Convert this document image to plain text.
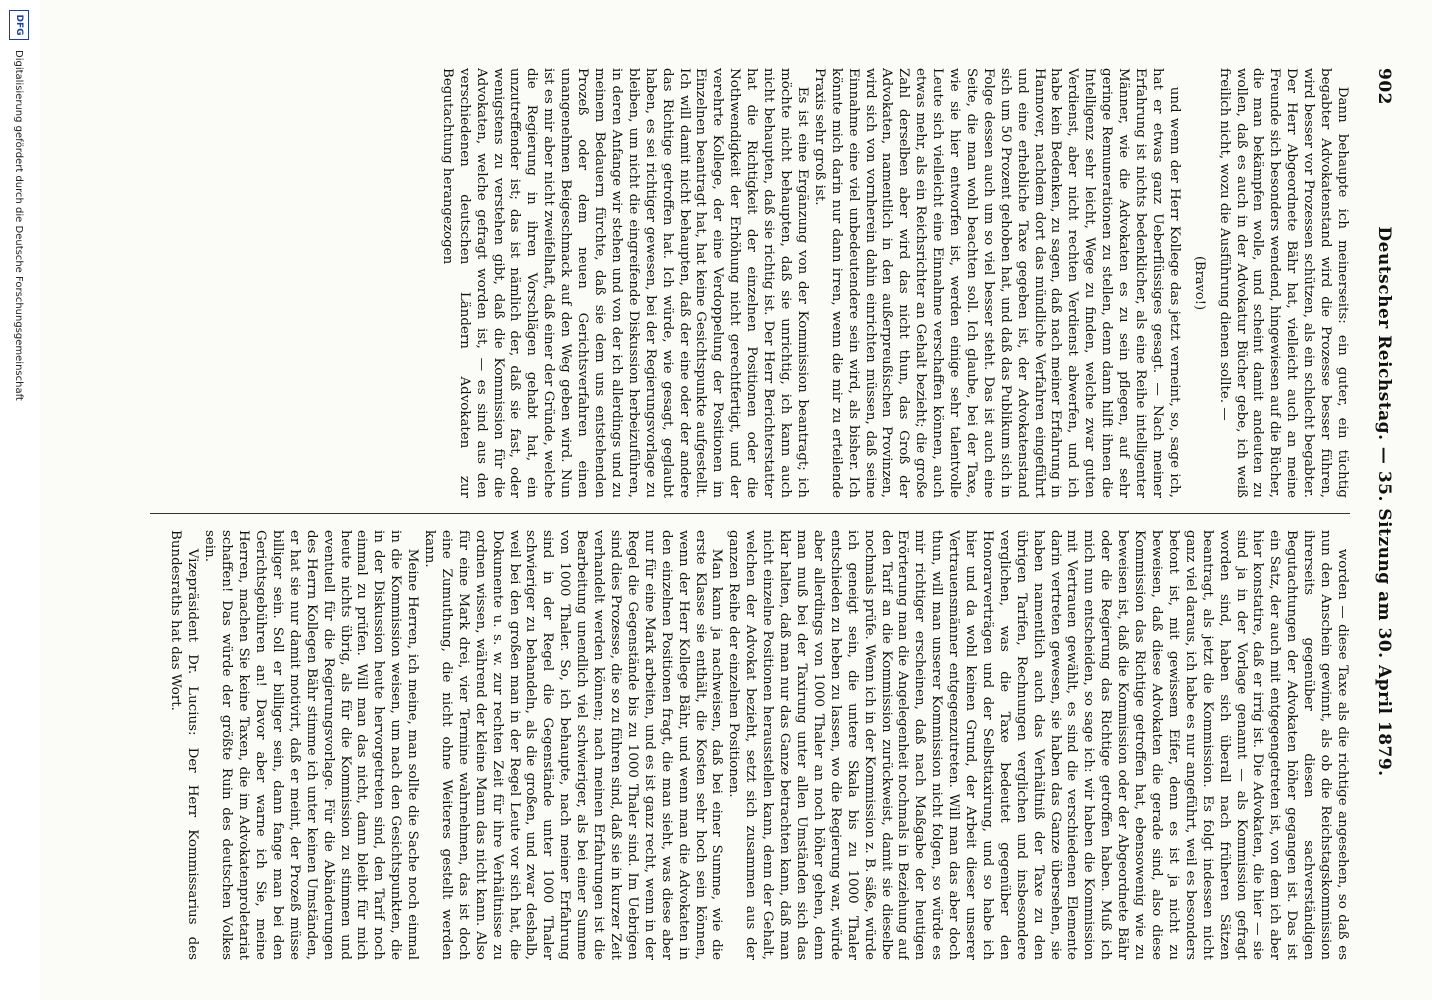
902
Deutscher Reichstag. — 35. Sitzung am 30. April 1879.

Dann behaupte ich meinerseits: ein guter, ein tüchtig begabter Advokatenstand wird die Prozesse besser führen, wird besser vor Prozessen schützen, als ein schlecht begabter. Der Herr Abgeordnete Bähr hat, vielleicht auch an meine Freunde sich besonders wendend, hingewiesen auf die Bücher, die man bekämpfen wolle, und scheint damit andeuten zu wollen, daß es auch in der Advokatur Bücher gebe, ich weiß freilich nicht, wozu die Ausführung dienen sollte. —

(Bravo!)

und wenn der Herr Kollege das jetzt verneint, so, sage ich, hat er etwas ganz Ueberflüssiges gesagt. — Nach meiner Erfahrung ist nichts bedenklicher, als eine Reihe intelligenter Männer, wie die Advokaten es zu sein pflegen, auf sehr geringe Remunerationen zu stellen, denn dann hilft ihnen die Intelligenz sehr leicht, Wege zu finden, welche zwar guten Verdienst, aber nicht rechten Verdienst abwerfen, und ich habe kein Bedenken, zu sagen, daß nach meiner Erfahrung in Hannover, nachdem dort das mündliche Verfahren eingeführt und eine erhebliche Taxe gegeben ist, der Advokatenstand sich um 50 Prozent gehoben hat, und daß das Publikum sich in Folge dessen auch um so viel besser steht. Das ist auch eine Seite, die man wohl beachten soll. Ich glaube, bei der Taxe, wie sie hier entworfen ist, werden einige sehr talentvolle Leute sich vielleicht eine Einnahme verschaffen können, auch etwas mehr, als ein Reichsrichter an Gehalt bezieht; die große Zahl derselben aber wird das nicht thun, das Groß der Advokaten, namentlich in den außerpreußischen Provinzen, wird sich von vornherein dahin einrichten müssen, daß seine Einnahme eine viel unbedeutendere sein wird, als bisher. Ich könnte mich darin nur dann irren, wenn die mir zu erteilende Praxis sehr groß ist.

Es ist eine Ergänzung von der Kommission beantragt; ich möchte nicht behaupten, daß sie unrichtig, ich kann auch nicht behaupten, daß sie richtig ist. Der Herr Berichterstatter hat die Richtigkeit der einzelnen Positionen oder die Nothwendigkeit der Erhöhung nicht gerechtfertigt, und der verehrte Kollege, der eine Verdoppelung der Positionen im Einzelnen beantragt hat, hat keine Gesichtspunkte aufgestellt. Ich will damit nicht behaupten, daß der eine oder der andere das Richtige getroffen hat. Ich würde, wie gesagt, geglaubt haben, es sei richtiger gewesen, bei der Regierungsvorlage zu bleiben, um nicht die eingreifende Diskussion herbeizuführen, in deren Anfange wir stehen und von der ich allerdings und zu meinem Bedauern fürchte, daß sie dem uns entstehenden Prozeß oder dem neuen Gerichtsverfahren einen unangenehmen Beigeschmack auf den Weg geben wird. Nun ist es mir aber nicht zweifelhaft, daß einer der Gründe, welche die Regierung in ihren Vorschlägen gehabt hat, ein unzutreffender ist; das ist nämlich der, daß sie fast, oder wenigstens zu verstehen gibt, daß die Kommission für die Advokaten, welche gefragt worden ist, — es sind aus den verschiedenen deutschen Ländern Advokaten zur Begutachtung herangezogen

worden — diese Taxe als die richtige angesehen, so daß es nun den Anschein gewinnt, als ob die Reichstagskommission ihrerseits gegenüber diesen sachverständigen Begutachtungen der Advokaten höher gegangen ist. Das ist ein Satz, der auch mit entgegengetreten ist, von dem ich aber hier konstatire, daß er irrig ist. Die Advokaten, die hier — sie sind ja in der Vorlage genannt — als Kommission gefragt worden sind, haben sich überall nach früheren Sätzen beantragt, als jetzt die Kommission. Es folgt indessen nicht ganz viel daraus, ich habe es nur angeführt, weil es besonders betont ist, mit gewissem Eifer, denn es ist ja nicht zu beweisen, daß diese Advokaten die gerade sind, also diese Kommission das Richtige getroffen hat, ebensowenig wie zu beweisen ist, daß die Kommission oder der Abgeordnete Bähr oder die Regierung das Richtige getroffen haben. Muß ich mich nun entscheiden, so sage ich: wir haben die Kommission mit Vertrauen gewählt, es sind die verschiedenen Elemente darin vertreten gewesen, sie haben das Ganze übersehen, sie haben namentlich auch das Verhältniß der Taxe zu den übrigen Tarifen, Rechnungen verglichen und insbesondere verglichen, was die Taxe bedeutet gegenüber den Honorarverträgen und der Selbsttaxirung, und so habe ich hier und da wohl keinen Grund, der Arbeit dieser unserer Vertrauensmänner entgegenzutreten. Will man das aber doch thun, will man unserer Kommission nicht folgen, so würde es mir richtiger erscheinen, daß nach Maßgabe der heutigen Erörterung man die Angelegenheit nochmals in Beziehung auf den Tarif an die Kommission zurückweist, damit sie dieselbe nochmals prüfe. Wenn ich in der Kommission z. B. säße, würde ich geneigt sein, die untere Skala bis zu 1000 Thaler entschieden zu heben zu lassen, wo die Regierung war, würde aber allerdings von 1000 Thaler an noch höher gehen, denn man muß bei der Taxirung unter allen Umständen sich das klar halten, daß man nur das Ganze betrachten kann, daß man nicht einzelne Positionen herausstellen kann, denn der Gehalt, welchen der Advokat bezieht, setzt sich zusammen aus der ganzen Reihe der einzelnen Positionen.

Man kann ja nachweisen, daß bei einer Summe, wie die erste Klasse sie enthält, die Kosten sehr hoch sein können, wenn der Herr Kollege Bähr, und wenn man die Advokaten in den einzelnen Positionen fragt, die man sieht, was diese aber nur für eine Mark arbeiten, und es ist ganz recht, wenn in der Regel die Gegenstände bis zu 1000 Thaler sind. Im Uebrigen sind dies Prozesse, die so zu führen sind, daß sie in kurzer Zeit verhandelt werden können; nach meinen Erfahrungen ist die Bearbeitung unendlich viel schwieriger, als bei einer Summe von 1000 Thaler. So, ich behaupte, nach meiner Erfahrung sind in der Regel die Gegenstände unter 1000 Thaler schwieriger zu behandeln, als die großen, und zwar deshalb, weil bei den großen man in der Regel Leute vor sich hat, die Dokumente u. s. w. zur rechten Zeit für ihre Verhältnisse zu ordnen wissen, während der kleine Mann das nicht kann. Also für eine Mark drei, vier Termine wahrnehmen, das ist doch eine Zumuthung, die nicht ohne Weiteres gestellt werden kann.

Meine Herren, ich meine, man sollte die Sache noch einmal in die Kommission weisen, um nach den Gesichtspunkten, die in der Diskussion heute hervorgetreten sind, den Tarif noch einmal zu prüfen. Will man das nicht, dann bleibt für mich heute nichts übrig, als für die Kommission zu stimmen und eventuell für die Regierungsvorlage. Für die Abänderungen des Herrn Kollegen Bähr stimme ich unter keinen Umständen, er hat sie nur damit motivirt, daß er meint, der Prozeß müsse billiger sein. Soll er billiger sein, dann fange man bei den Gerichtsgebühren an! Davor aber warne ich Sie, meine Herren, machen Sie keine Taxen, die im Advokatenproletariat schaffen! Das würde der größte Ruin des deutschen Volkes sein.

Vizepräsident Dr. Lucius: Der Herr Kommissarius des Bundesraths hat das Wort.

DFG
Digitalisierung gefördert durch die Deutsche Forschungsgemeinschaft
